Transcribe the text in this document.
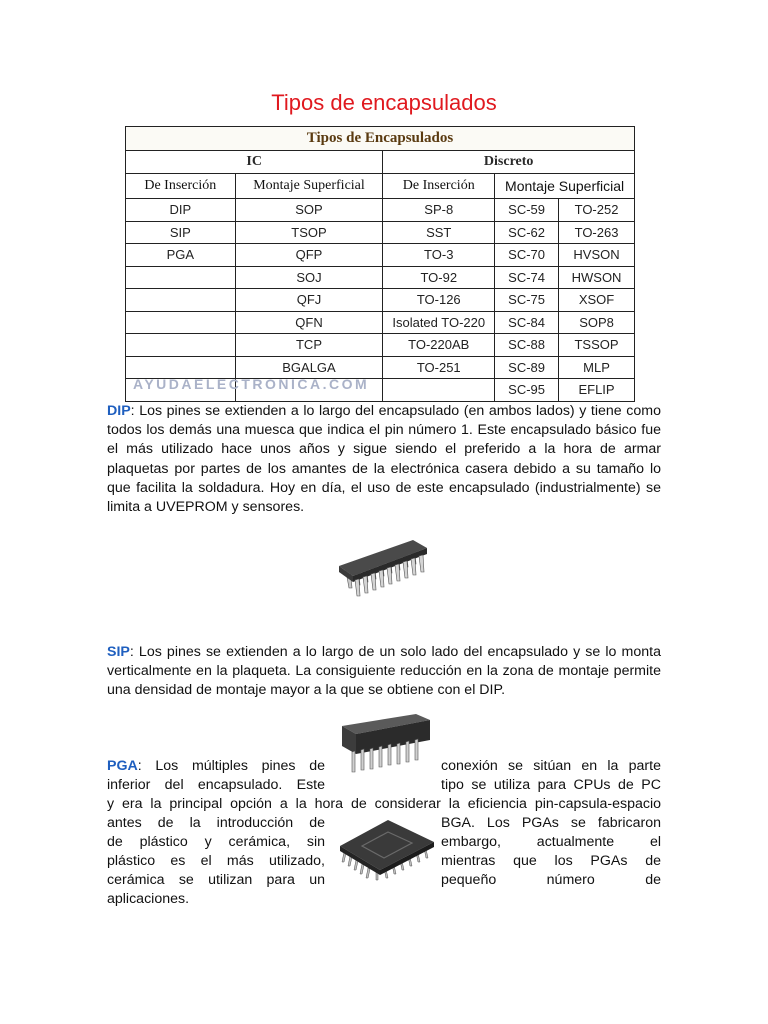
Tipos de encapsulados
Tipos de Encapsulados				
IC		Discreto		
De Inserción	Montaje Superficial	De Inserción	Montaje Superficial	
DIP	SOP	SP-8	SC-59	TO-252
SIP	TSOP	SST	SC-62	TO-263
PGA	QFP	TO-3	SC-70	HVSON
	SOJ	TO-92	SC-74	HWSON
	QFJ	TO-126	SC-75	XSOF
	QFN	Isolated TO-220	SC-84	SOP8
	TCP	TO-220AB	SC-88	TSSOP
	BGALGA	TO-251	SC-89	MLP
			SC-95	EFLIP
AYUDAELECTRONICA.COM
DIP: Los pines se extienden a lo largo del encapsulado (en ambos lados) y tiene como todos los demás una muesca que indica el pin número 1. Este encapsulado básico fue el más utilizado hace unos años y sigue siendo el preferido a la hora de armar plaquetas por partes de los amantes de la electrónica casera debido a su tamaño lo que facilita la soldadura. Hoy en día, el uso de este encapsulado (industrialmente) se limita a UVEPROM y sensores.
SIP: Los pines se extienden a lo largo de un solo lado del encapsulado y se lo monta verticalmente en la plaqueta. La consiguiente reducción en la zona de montaje permite una densidad de montaje mayor a la que se obtiene con el DIP.
PGA: Los múltiples pines de	conexión se sitúan en la parte
inferior del encapsulado. Este	tipo se utiliza para CPUs de PC
y era la principal opción a la hora de considerar la eficiencia pin-capsula-espacio
antes de la introducción de	BGA. Los PGAs se fabricaron
de plástico y cerámica, sin	embargo, actualmente el
plástico es el más utilizado,	mientras que los PGAs de
cerámica se utilizan para un	pequeño número de
aplicaciones.
